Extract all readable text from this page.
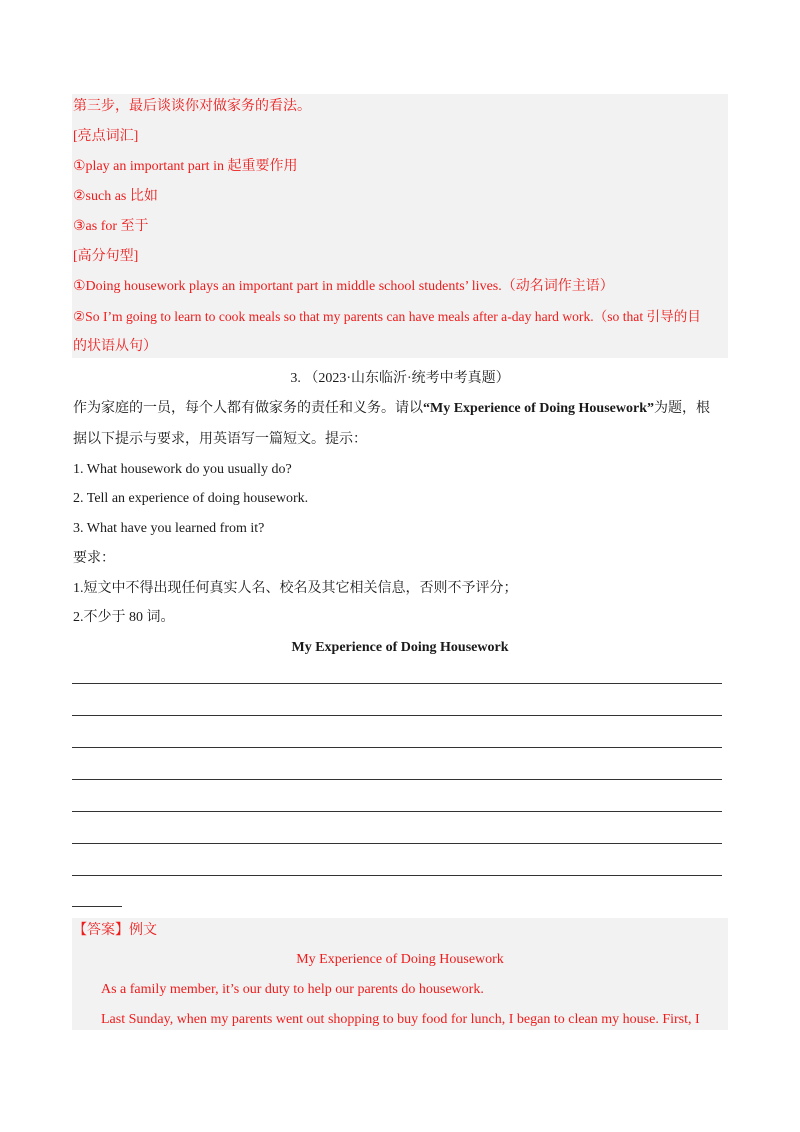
第三步，最后谈谈你对做家务的看法。
[亮点词汇]
①play an important part in 起重要作用
②such as 比如
③as for 至于
[高分句型]
①Doing housework plays an important part in middle school students’ lives.（动名词作主语）
②So I’m going to learn to cook meals so that my parents can have meals after a-day hard work.（so that 引导的目
的状语从句）
3. （2023·山东临沂·统考中考真题）
作为家庭的一员，每个人都有做家务的责任和义务。请以“My Experience of Doing Housework”为题，根
据以下提示与要求，用英语写一篇短文。提示：
1. What housework do you usually do?
2. Tell an experience of doing housework.
3. What have you learned from it?
要求：
1.短文中不得出现任何真实人名、校名及其它相关信息，否则不予评分；
2.不少于 80 词。
My Experience of Doing Housework
【答案】例文
My Experience of Doing Housework
As a family member, it’s our duty to help our parents do housework.
Last Sunday, when my parents went out shopping to buy food for lunch, I began to clean my house. First, I
